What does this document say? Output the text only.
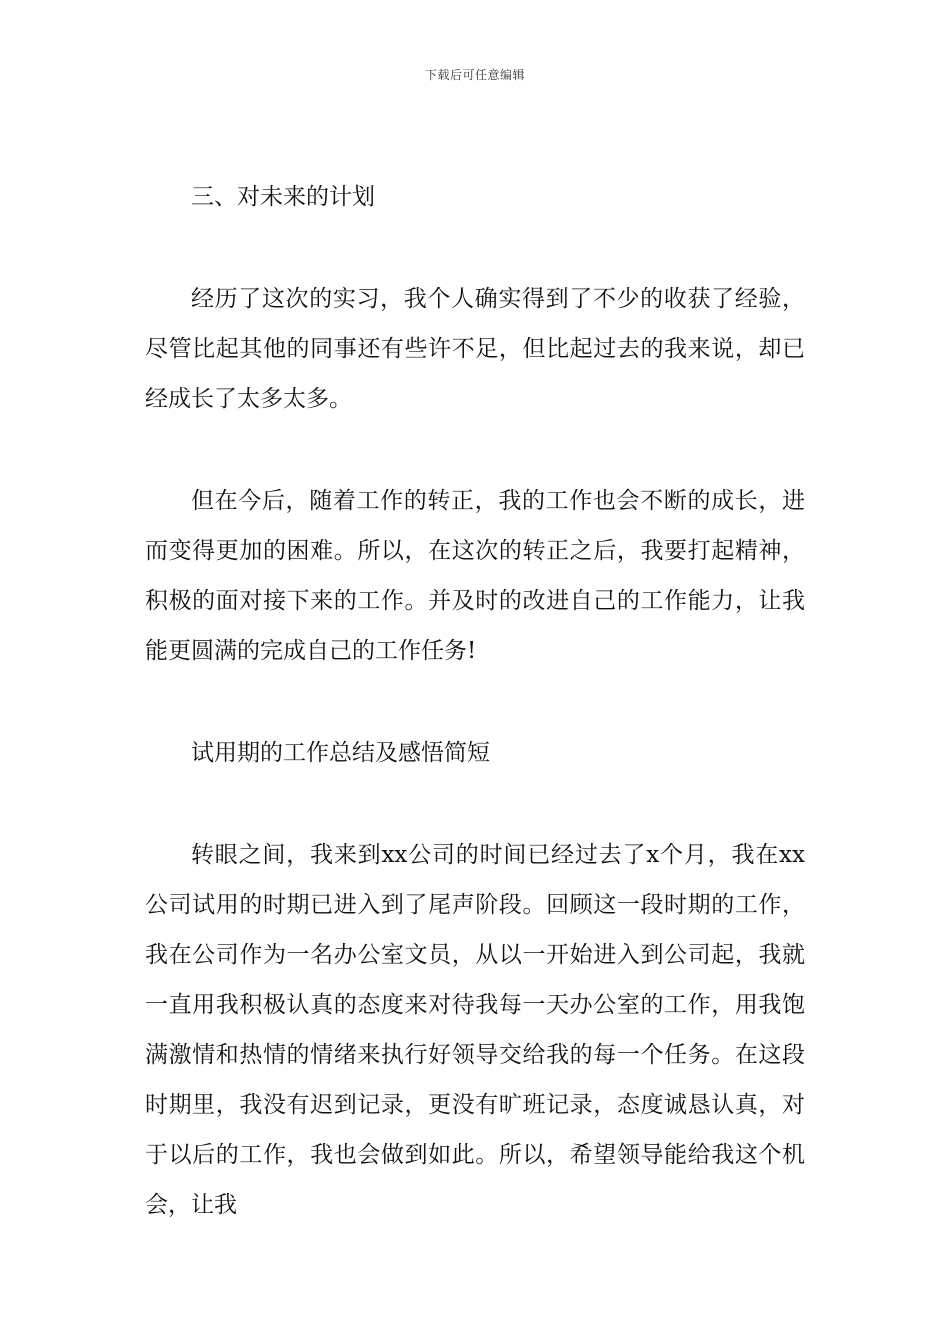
下载后可任意编辑

三、对未来的计划

经历了这次的实习，我个人确实得到了不少的收获了经验，尽管比起其他的同事还有些许不足，但比起过去的我来说，却已经成长了太多太多。

但在今后，随着工作的转正，我的工作也会不断的成长，进而变得更加的困难。所以，在这次的转正之后，我要打起精神，积极的面对接下来的工作。并及时的改进自己的工作能力，让我能更圆满的完成自己的工作任务!

试用期的工作总结及感悟简短

转眼之间，我来到xx公司的时间已经过去了x个月，我在xx公司试用的时期已进入到了尾声阶段。回顾这一段时期的工作，我在公司作为一名办公室文员，从以一开始进入到公司起，我就一直用我积极认真的态度来对待我每一天办公室的工作，用我饱满激情和热情的情绪来执行好领导交给我的每一个任务。在这段时期里，我没有迟到记录，更没有旷班记录，态度诚恳认真，对于以后的工作，我也会做到如此。所以，希望领导能给我这个机会，让我
